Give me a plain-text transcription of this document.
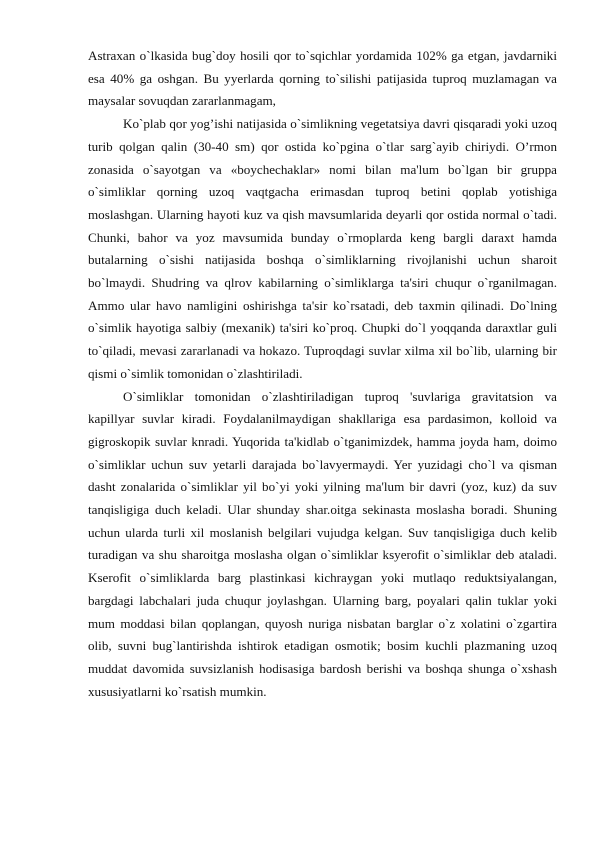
Astraxan o`lkasida bug`doy hosili qor to`sqichlar yordamida 102% ga etgan, javdarniki esa 40% ga oshgan. Bu yyerlarda qorning to`silishi patijasida tuproq muzlamagan va maysalar sovuqdan zararlanmagam,

Ko`plab qor yog’ishi natijasida o`simlikning vegetatsiya davri qisqaradi yoki uzoq turib qolgan qalin (30-40 sm) qor ostida ko`pgina o`tlar sarg`ayib chiriydi. O’rmon zonasida o`sayotgan va «boychechaklar» nomi bilan ma'lum bo`lgan bir gruppa o`simliklar qorning uzoq vaqtgacha erimasdan tuproq betini qoplab yotishiga moslashgan. Ularning hayoti kuz va qish mavsumlarida deyarli qor ostida normal o`tadi. Chunki, bahor va yoz mavsumida bunday o`rmoplarda keng bargli daraxt hamda butalarning o`sishi natijasida boshqa o`simliklarning rivojlanishi uchun sharoit bo`lmaydi. Shudring va qlrov kabilarning o`simliklarga ta'siri chuqur o`rganilmagan. Ammo ular havo namligini oshirishga ta'sir ko`rsatadi, deb taxmin qilinadi. Do`lning o`simlik hayotiga salbiy (mexanik) ta'siri ko`proq. Chupki do`l yoqqanda daraxtlar guli to`qiladi, mevasi zararlanadi va hokazo. Tuproqdagi suvlar xilma xil bo`lib, ularning bir qismi o`simlik tomonidan o`zlashtiriladi.

O`simliklar tomonidan o`zlashtiriladigan tuproq 'suvlariga gravitatsion va kapillyar suvlar kiradi. Foydalanilmaydigan shakllariga esa pardasimon, kolloid va gigroskopik suvlar knradi. Yuqorida ta'kidlab o`tganimizdek, hamma joyda ham, doimo o`simliklar uchun suv yetarli darajada bo`lavyermaydi. Yer yuzidagi cho`l va qisman dasht zonalarida o`simliklar yil bo`yi yoki yilning ma'lum bir davri (yoz, kuz) da suv tanqisligiga duch keladi. Ular shunday shar.oitga sekinasta moslasha boradi. Shuning uchun ularda turli xil moslanish belgilari vujudga kelgan. Suv tanqisligiga duch kelib turadigan va shu sharoitga moslasha olgan o`simliklar ksyerofit o`simliklar deb ataladi. Kserofit o`simliklarda barg plastinkasi kichraygan yoki mutlaqo reduktsiyalangan, bargdagi labchalari juda chuqur joylashgan. Ularning barg, poyalari qalin tuklar yoki mum moddasi bilan qoplangan, quyosh nuriga nisbatan barglar o`z xolatini o`zgartira olib, suvni bug`lantirishda ishtirok etadigan osmotik; bosim kuchli plazmaning uzoq muddat davomida suvsizlanish hodisasiga bardosh berishi va boshqa shunga o`xshash xususiyatlarni ko`rsatish mumkin.
